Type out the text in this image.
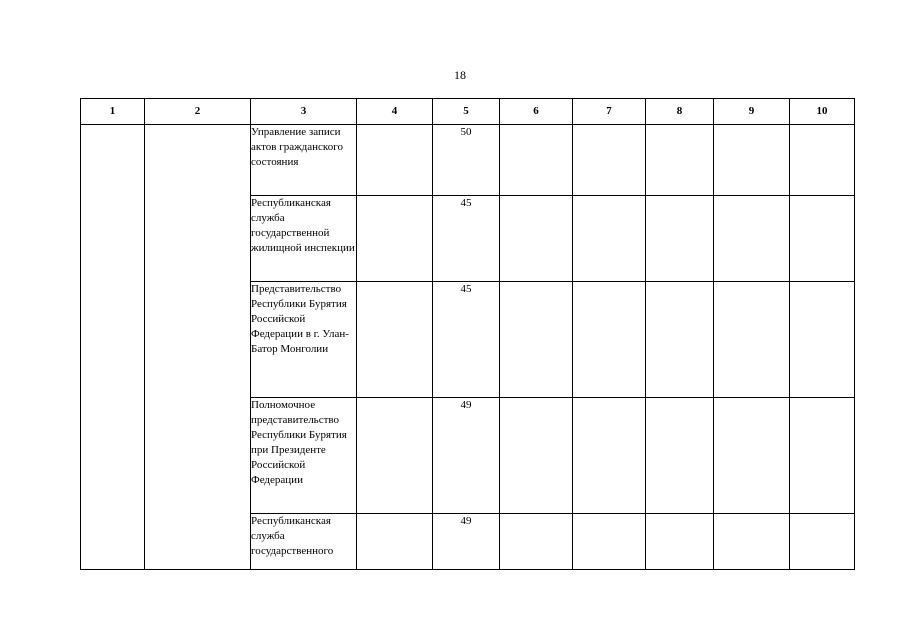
18
1	2	3	4	5	6	7	8	9	10

		Управление записи актов гражданского состояния		50					

		Республиканская служба государственной жилищной инспекции		45					

		Представительство Республики Бурятия Российской Федерации в г. Улан-Батор Монголии		45					

		Полномочное представительство Республики Бурятия при Президенте Российской Федерации		49					

		Республиканская служба государственного		49					
